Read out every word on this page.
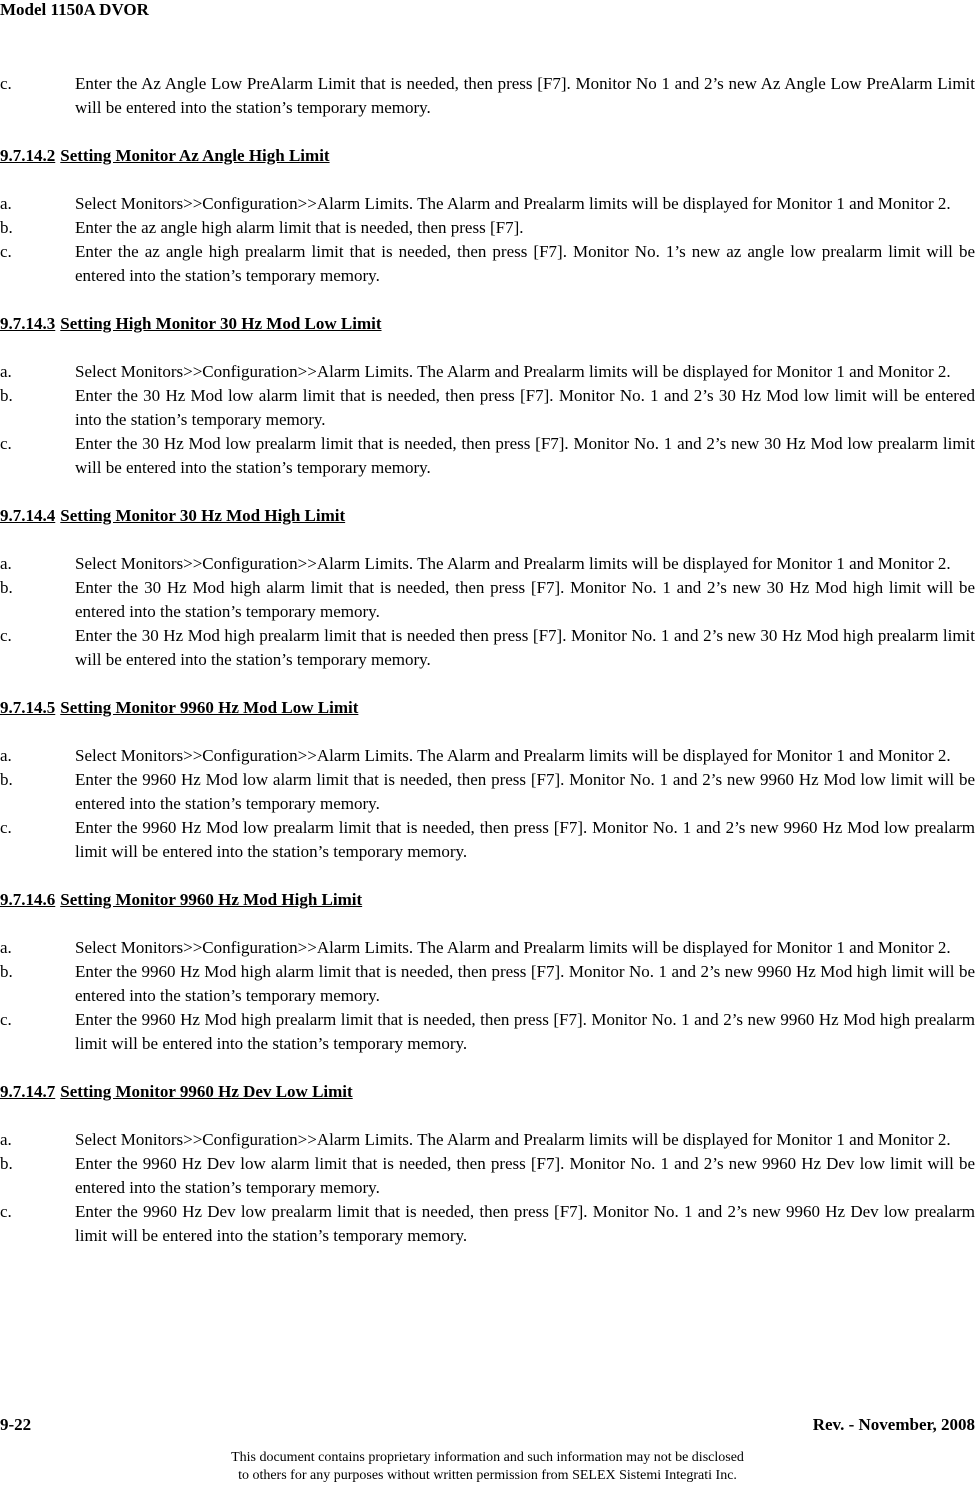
Model 1150A DVOR
c.	Enter the Az Angle Low PreAlarm Limit that is needed, then press [F7]. Monitor No 1 and 2’s new Az Angle Low PreAlarm Limit will be entered into the station’s temporary memory.
9.7.14.2 Setting Monitor Az Angle High Limit
a.	Select Monitors>>Configuration>>Alarm Limits. The Alarm and Prealarm limits will be displayed for Monitor 1 and Monitor 2.
b.	Enter the az angle high alarm limit that is needed, then press [F7].
c.	Enter the az angle high prealarm limit that is needed, then press [F7]. Monitor No. 1’s new az angle low prealarm limit will be entered into the station’s temporary memory.
9.7.14.3 Setting High Monitor 30 Hz Mod Low Limit
a.	Select Monitors>>Configuration>>Alarm Limits. The Alarm and Prealarm limits will be displayed for Monitor 1 and Monitor 2.
b.	Enter the 30 Hz Mod low alarm limit that is needed, then press [F7]. Monitor No. 1 and 2’s 30 Hz Mod low limit will be entered into the station’s temporary memory.
c.	Enter the 30 Hz Mod low prealarm limit that is needed, then press [F7]. Monitor No. 1 and 2’s new 30 Hz Mod low prealarm limit will be entered into the station’s temporary memory.
9.7.14.4 Setting Monitor 30 Hz Mod High Limit
a.	Select Monitors>>Configuration>>Alarm Limits. The Alarm and Prealarm limits will be displayed for Monitor 1 and Monitor 2.
b.	Enter the 30 Hz Mod high alarm limit that is needed, then press [F7]. Monitor No. 1 and 2’s new 30 Hz Mod high limit will be entered into the station’s temporary memory.
c.	Enter the 30 Hz Mod high prealarm limit that is needed then press [F7]. Monitor No. 1 and 2’s new 30 Hz Mod high prealarm limit will be entered into the station’s temporary memory.
9.7.14.5 Setting Monitor 9960 Hz Mod Low Limit
a.	Select Monitors>>Configuration>>Alarm Limits. The Alarm and Prealarm limits will be displayed for Monitor 1 and Monitor 2.
b.	Enter the 9960 Hz Mod low alarm limit that is needed, then press [F7]. Monitor No. 1 and 2’s new 9960 Hz Mod low limit will be entered into the station’s temporary memory.
c.	Enter the 9960 Hz Mod low prealarm limit that is needed, then press [F7]. Monitor No. 1 and 2’s new 9960 Hz Mod low prealarm limit will be entered into the station’s temporary memory.
9.7.14.6 Setting Monitor 9960 Hz Mod High Limit
a.	Select Monitors>>Configuration>>Alarm Limits. The Alarm and Prealarm limits will be displayed for Monitor 1 and Monitor 2.
b.	Enter the 9960 Hz Mod high alarm limit that is needed, then press [F7]. Monitor No. 1 and 2’s new 9960 Hz Mod high limit will be entered into the station’s temporary memory.
c.	Enter the 9960 Hz Mod high prealarm limit that is needed, then press [F7]. Monitor No. 1 and 2’s new 9960 Hz Mod high prealarm limit will be entered into the station’s temporary memory.
9.7.14.7 Setting Monitor 9960 Hz Dev Low Limit
a.	Select Monitors>>Configuration>>Alarm Limits. The Alarm and Prealarm limits will be displayed for Monitor 1 and Monitor 2.
b.	Enter the 9960 Hz Dev low alarm limit that is needed, then press [F7]. Monitor No. 1 and 2’s new 9960 Hz Dev low limit will be entered into the station’s temporary memory.
c.	Enter the 9960 Hz Dev low prealarm limit that is needed, then press [F7]. Monitor No. 1 and 2’s new 9960 Hz Dev low prealarm limit will be entered into the station’s temporary memory.
9-22	Rev. - November, 2008
This document contains proprietary information and such information may not be disclosed
to others for any purposes without written permission from SELEX Sistemi Integrati Inc.
